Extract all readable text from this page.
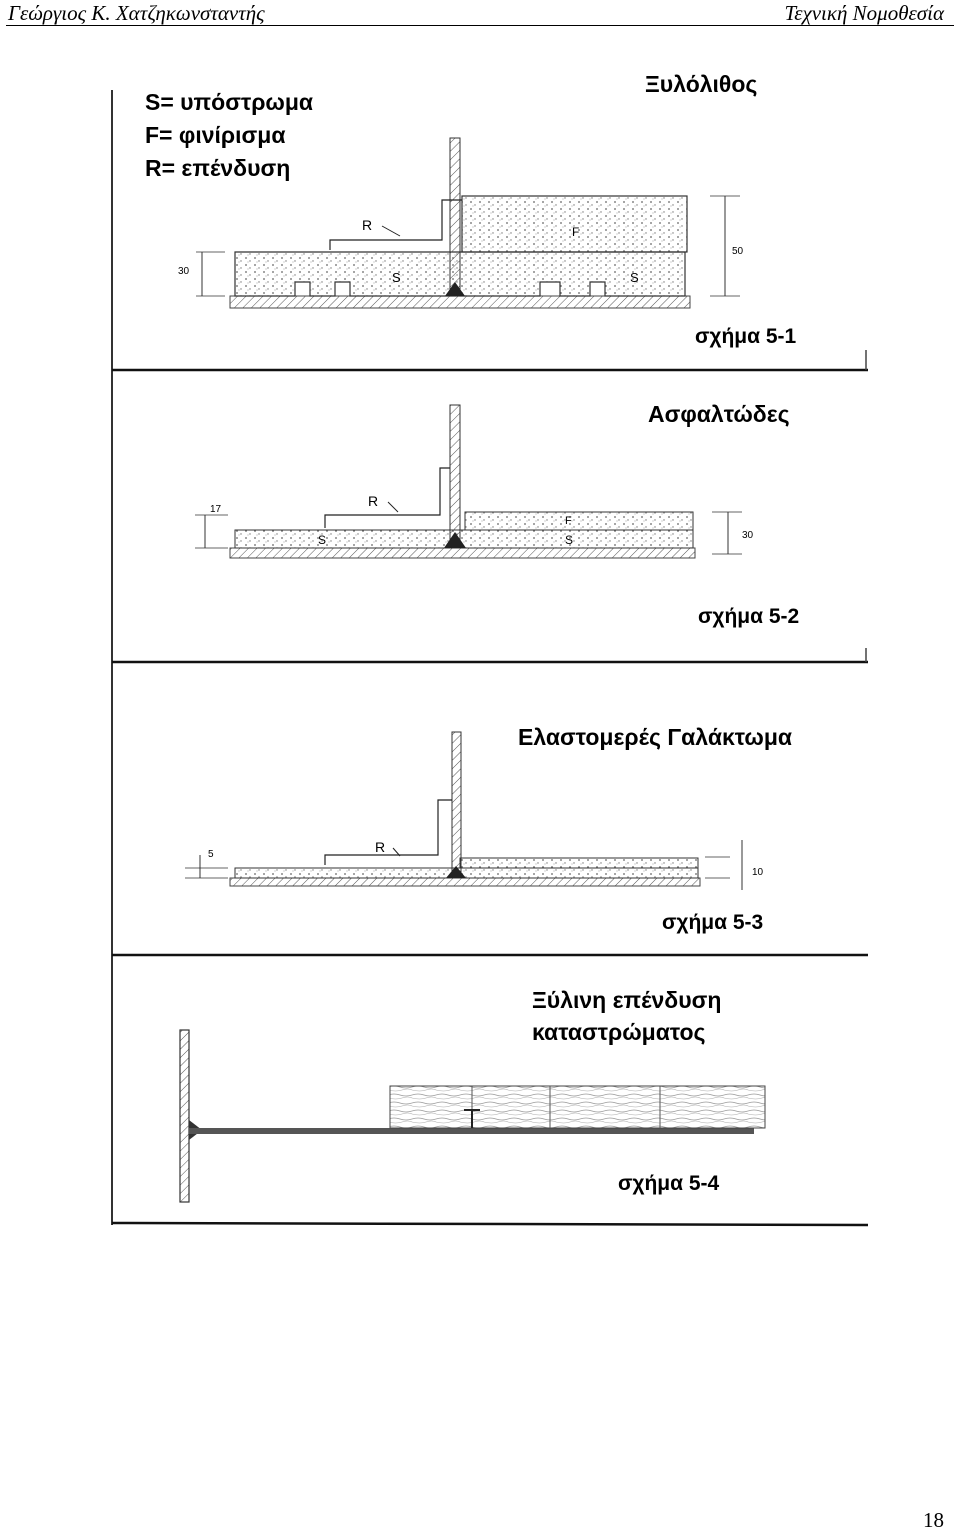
Γεώργιος Κ. Χατζηκωνσταντής	Τεχνική Νομοθεσία
S= υπόστρωμα
F= φινίρισμα
R= επένδυση
Ξυλόλιθος
R	F
S	S
30
50
σχήμα 5-1
Ασφαλτώδες
R
F
S	S
17
30
σχήμα 5-2
Ελαστομερές Γαλάκτωμα
R
5
10
σχήμα 5-3
Ξύλινη επένδυση
καταστρώματος
σχήμα 5-4
18
